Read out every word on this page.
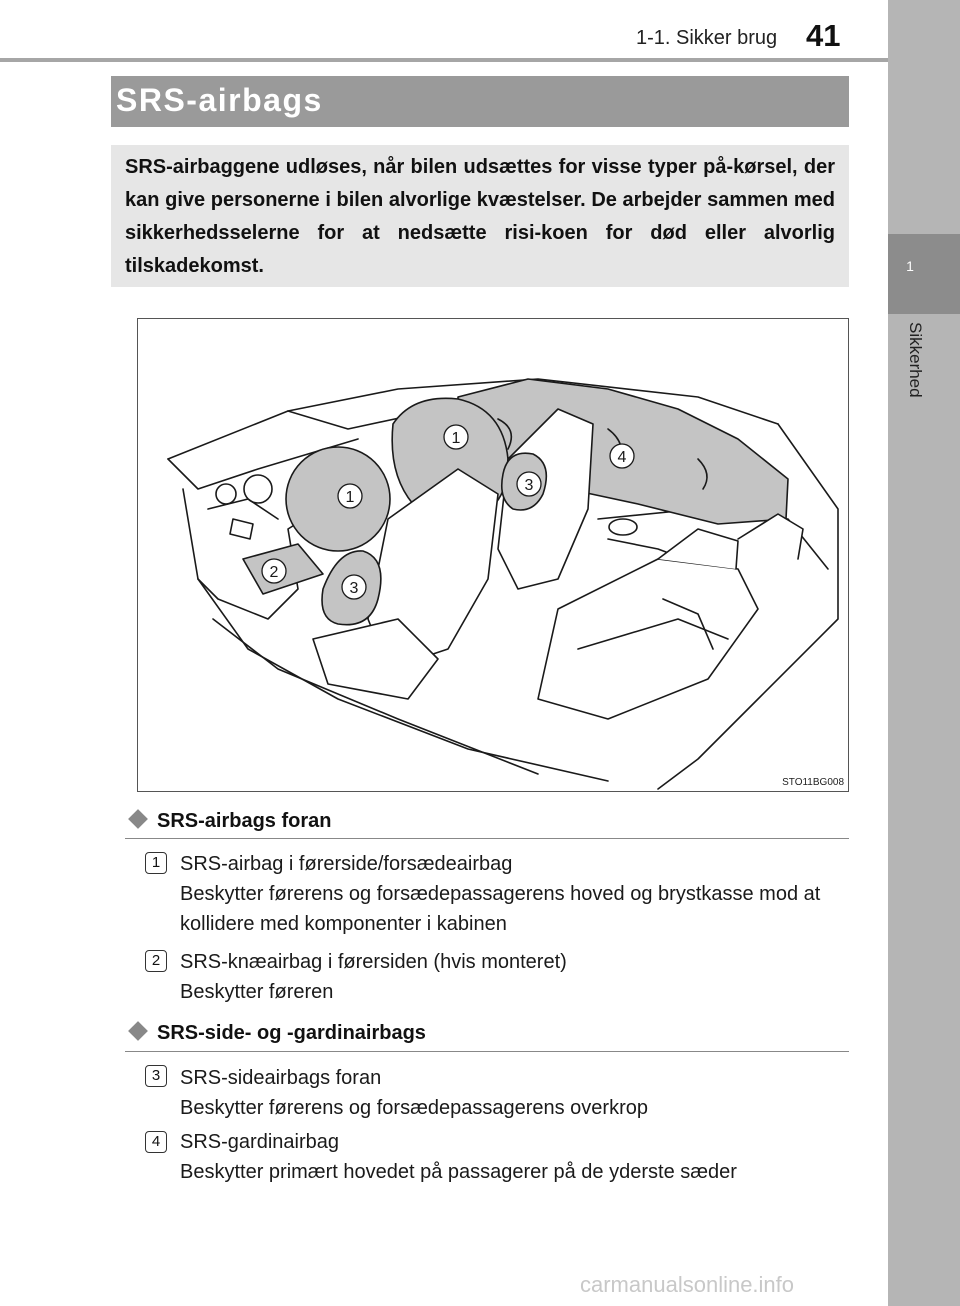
1-1. Sikker brug 41
1
Sikkerhed
SRS-airbags
SRS-airbaggene udløses, når bilen udsættes for visse typer på-kørsel, der kan give personerne i bilen alvorlige kvæstelser. De arbejder sammen med sikkerhedsselerne for at nedsætte risi-koen for død eller alvorlig tilskadekomst.
1
1
2
3
3
4
STO11BG008
SRS-airbags foran
1 SRS-airbag i førerside/forsædeairbag
Beskytter førerens og forsædepassagerens hoved og brystkasse mod at kollidere med komponenter i kabinen
2 SRS-knæairbag i førersiden (hvis monteret)
Beskytter føreren
SRS-side- og -gardinairbags
3 SRS-sideairbags foran
Beskytter førerens og forsædepassagerens overkrop
4 SRS-gardinairbag
Beskytter primært hovedet på passagerer på de yderste sæder
carmanualsonline.info
